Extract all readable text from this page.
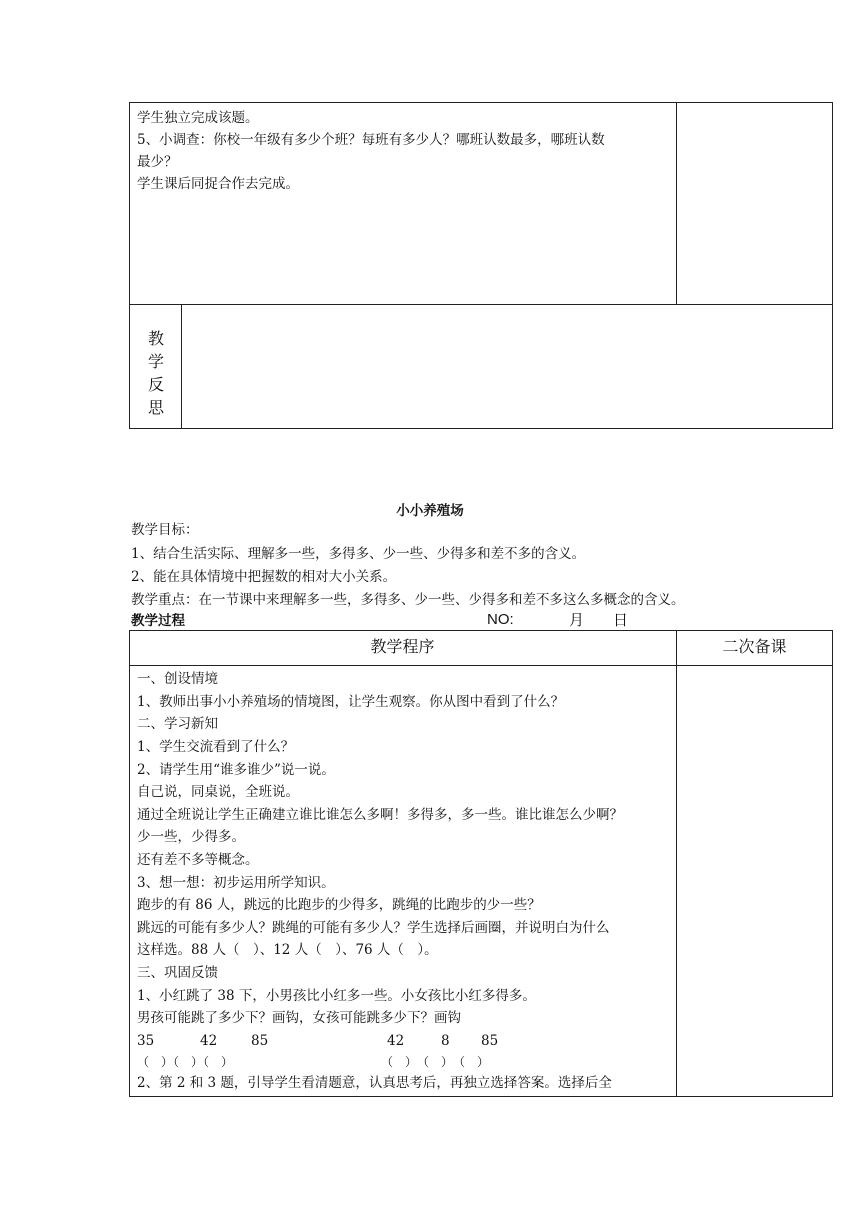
学生独立完成该题。
5、小调查：你校一年级有多少个班？每班有多少人？哪班认数最多，哪班认数
最少？
学生课后同捉合作去完成。
教
学
反
思
小小养殖场
教学目标：
1、结合生活实际、理解多一些，多得多、少一些、少得多和差不多的含义。
2、能在具体情境中把握数的相对大小关系。
教学重点：在一节课中来理解多一些，多得多、少一些、少得多和差不多这么多概念的含义。
教学过程	NO:	月 日
教学程序	二次备课
一、创设情境
1、教师出事小小养殖场的情境图，让学生观察。你从图中看到了什么？
二、学习新知
1、学生交流看到了什么？
2、请学生用“谁多谁少”说一说。
自己说，同桌说，全班说。
通过全班说让学生正确建立谁比谁怎么多啊！多得多，多一些。谁比谁怎么少啊？
少一些，少得多。
还有差不多等概念。
3、想一想：初步运用所学知识。
跑步的有 86 人，跳远的比跑步的少得多，跳绳的比跑步的少一些？
跳远的可能有多少人？跳绳的可能有多少人？学生选择后画圈，并说明白为什么
这样选。88 人（　）、12 人（　）、76 人（　）。
三、巩固反馈
1、小红跳了 38 下，小男孩比小红多一些。小女孩比小红多得多。
男孩可能跳了多少下？画钩，女孩可能跳多少下？画钩
35	42	85	42	8 85
（　）（　）（　）	（　）　（　）　（　）
2、第 2 和 3 题，引导学生看清题意，认真思考后，再独立选择答案。选择后全
